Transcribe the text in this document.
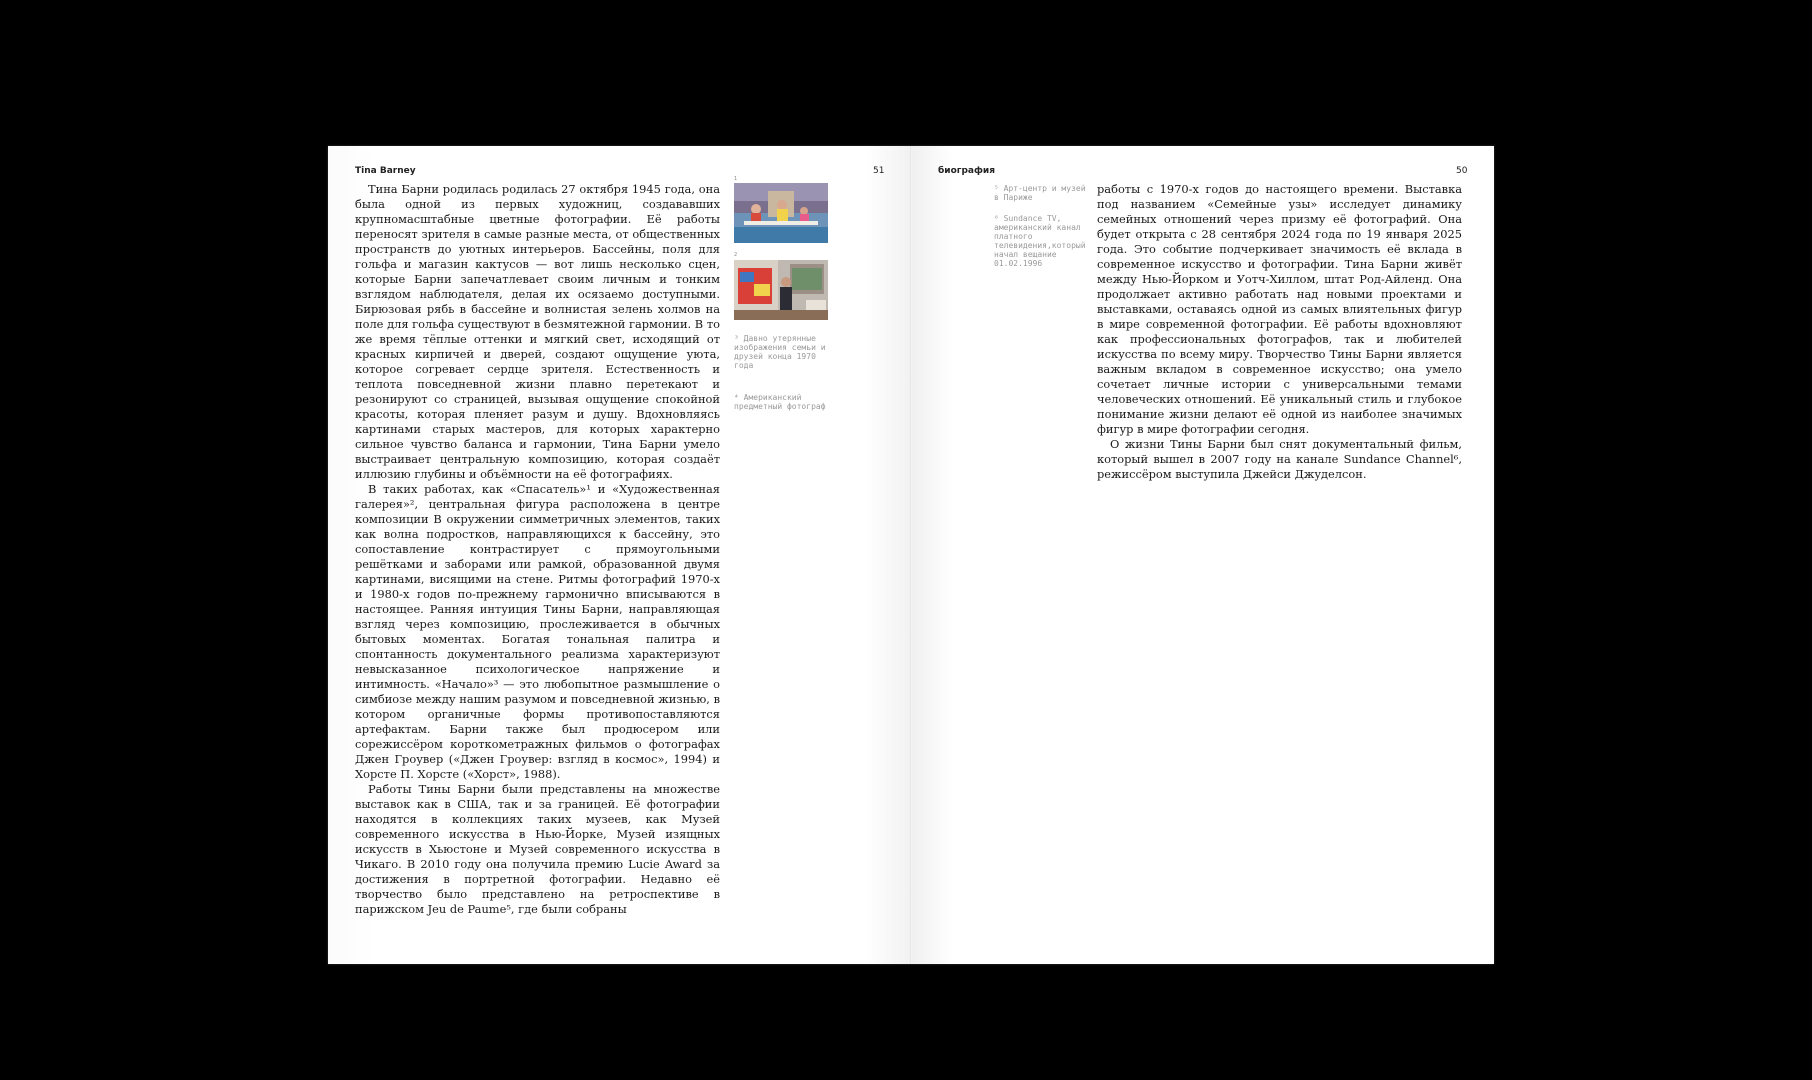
Tina Barney	51

Тина Барни родилась родилась 27 октября 1945 года, она была одной из первых художниц, создававших крупномасштабные цветные фотографии. Её работы переносят зрителя в самые разные места, от общественных пространств до уютных интерьеров. Бассейны, поля для гольфа и магазин кактусов — вот лишь несколько сцен, которые Барни запечатлевает своим личным и тонким взглядом наблюдателя, делая их осязаемо доступными. Бирюзовая рябь в бассейне и волнистая зелень холмов на поле для гольфа существуют в безмятежной гармонии. В то же время тёплые оттенки и мягкий свет, исходящий от красных кирпичей и дверей, создают ощущение уюта, которое согревает сердце зрителя. Естественность и теплота повседневной жизни плавно перетекают и резонируют со страницей, вызывая ощущение спокойной красоты, которая пленяет разум и душу. Вдохновляясь картинами старых мастеров, для которых характерно сильное чувство баланса и гармонии, Тина Барни умело выстраивает центральную композицию, которая создаёт иллюзию глубины и объёмности на её фотографиях.

В таких работах, как «Спасатель»¹ и «Художественная галерея»², центральная фигура расположена в центре композиции В окружении симметричных элементов, таких как волна подростков, направляющихся к бассейну, это сопоставление контрастирует с прямоугольными решётками и заборами или рамкой, образованной двумя картинами, висящими на стене. Ритмы фотографий 1970-х и 1980-х годов по-прежнему гармонично вписываются в настоящее. Ранняя интуиция Тины Барни, направляющая взгляд через композицию, прослеживается в обычных бытовых моментах. Богатая тональная палитра и спонтанность документального реализма характеризуют невысказанное психологическое напряжение и интимность. «Начало»³ — это любопытное размышление о симбиозе между нашим разумом и повседневной жизнью, в котором органичные формы противопоставляются артефактам. Барни также был продюсером или сорежиссёром короткометражных фильмов о фотографах Джен Гроувер («Джен Гроувер: взгляд в космос», 1994) и Хорсте П. Хорсте («Хорст», 1988).

Работы Тины Барни были представлены на множестве выставок как в США, так и за границей. Её фотографии находятся в коллекциях таких музеев, как Музей современного искусства в Нью-Йорке, Музей изящных искусств в Хьюстоне и Музей современного искусства в Чикаго. В 2010 году она получила премию Lucie Award за достижения в портретной фотографии. Недавно её творчество было представлено на ретроспективе в парижском Jeu de Paume⁵, где были собраны

1
2
³ Давно утерянные изображения семьи и друзей конца 1970 года
⁴ Американский предметный фотограф
биография	50
⁵ Арт-центр и музей в Париже
⁶ Sundance TV, американский канал платного телевидения,который начал вещание 01.02.1996

работы с 1970-х годов до настоящего времени. Выставка под названием «Семейные узы» исследует динамику семейных отношений через призму её фотографий. Она будет открыта с 28 сентября 2024 года по 19 января 2025 года. Это событие подчеркивает значимость её вклада в современное искусство и фотографии. Тина Барни живёт между Нью-Йорком и Уотч-Хиллом, штат Род-Айленд. Она продолжает активно работать над новыми проектами и выставками, оставаясь одной из самых влиятельных фигур в мире современной фотографии. Её работы вдохновляют как профессиональных фотографов, так и любителей искусства по всему миру. Творчество Тины Барни является важным вкладом в современное искусство; она умело сочетает личные истории с универсальными темами человеческих отношений. Её уникальный стиль и глубокое понимание жизни делают её одной из наиболее значимых фигур в мире фотографии сегодня.

О жизни Тины Барни был снят документальный фильм, который вышел в 2007 году на канале Sundance Channel⁶, режиссёром выступила Джейси Джуделсон.
